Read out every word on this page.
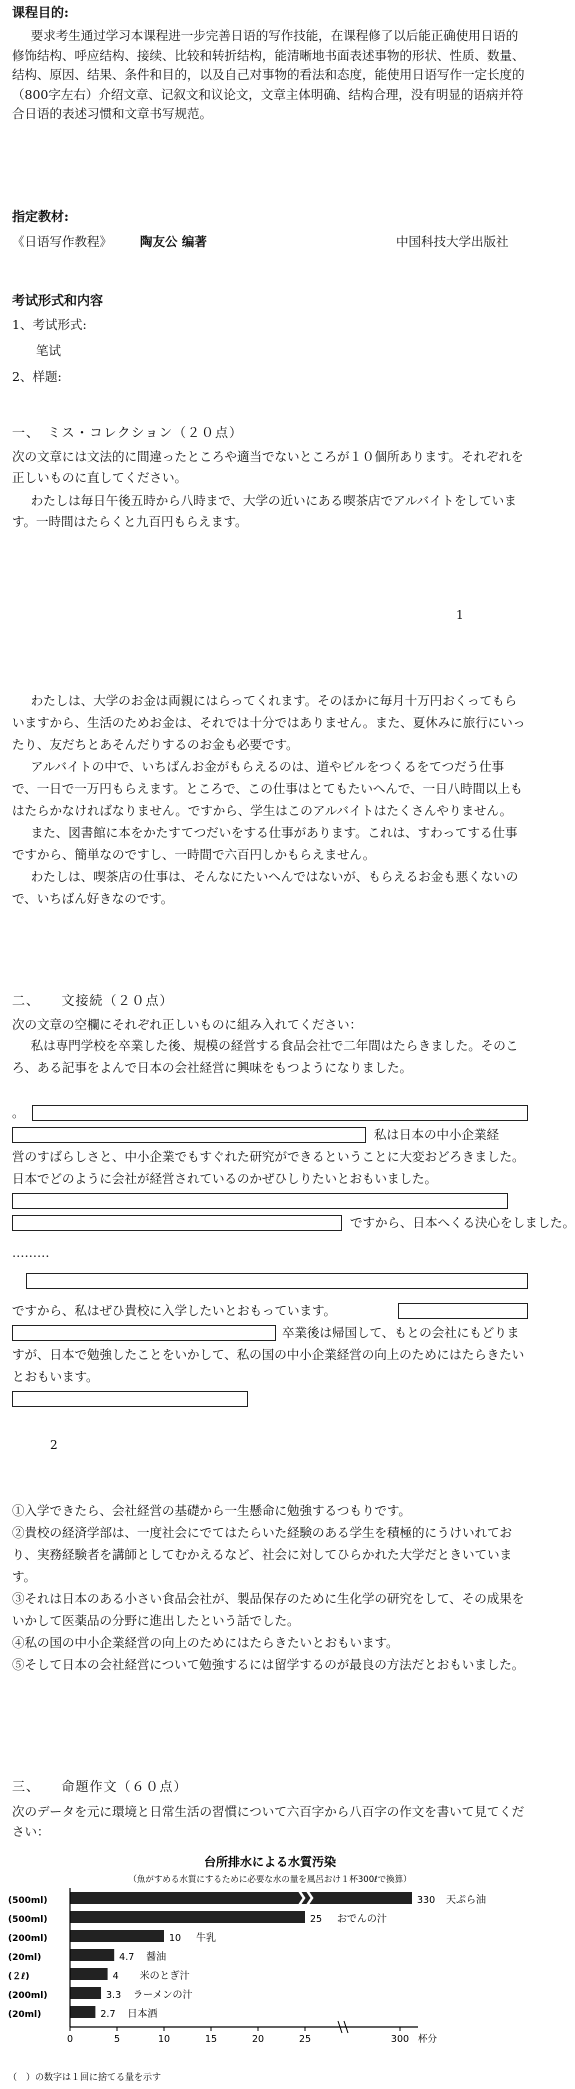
课程目的:

要求考生通过学习本课程进一步完善日语的写作技能，在课程修了以后能正确使用日语的修饰结构、呼应结构、接续、比较和转折结构，能清晰地书面表述事物的形状、性质、数量、结构、原因、结果、条件和目的，以及自己对事物的看法和态度，能使用日语写作一定长度的（800字左右）介绍文章、记叙文和议论文，文章主体明确、结构合理，没有明显的语病并符合日语的表述习惯和文章书写规范。

指定教材:
《日语写作教程》 陶友公 编著	中国科技大学出版社
考试形式和内容
1、考试形式:
笔试
2、样题:
一、　ミス・コレクション（２０点）

次の文章には文法的に間違ったところや適当でないところが１０個所あります。それぞれを正しいものに直してください。

わたしは毎日午後五時から八時まで、大学の近いにある喫茶店でアルバイトをしています。一時間はたらくと九百円もらえます。

1

わたしは、大学のお金は両親にはらってくれます。そのほかに毎月十万円おくってもらいますから、生活のためお金は、それでは十分ではありません。また、夏休みに旅行にいったり、友だちとあそんだりするのお金も必要です。

アルバイトの中で、いちばんお金がもらえるのは、道やビルをつくるをてつだう仕事で、一日で一万円もらえます。ところで、この仕事はとてもたいへんで、一日八時間以上もはたらかなければなりません。ですから、学生はこのアルバイトはたくさんやりません。

また、図書館に本をかたすてつだいをする仕事があります。これは、すわってする仕事ですから、簡単なのですし、一時間で六百円しかもらえません。

わたしは、喫茶店の仕事は、そんなにたいへんではないが、もらえるお金も悪くないので、いちばん好きなのです。

二、　　文接続（２０点）

次の文章の空欄にそれぞれ正しいものに組み入れてください：

私は専門学校を卒業した後、規模の経営する食品会社で二年間はたらきました。そのころ、ある記事をよんで日本の会社経営に興味をもつようになりました。

。
私は日本の中小企業経

営のすばらしさと、中小企業でもすぐれた研究ができるということに大変おどろきました。日本でどのように会社が経営されているのかぜひしりたいとおもいました。

ですから、日本へくる決心をしました。
………
ですから、私はぜひ貴校に入学したいとおもっています。

卒業後は帰国して、もとの会社にもどりますが、日本で勉強したことをいかして、私の国の中小企業経営の向上のためにはたらきたいとおもいます。

2

①入学できたら、会社経営の基礎から一生懸命に勉強するつもりです。

②貴校の経済学部は、一度社会にでてはたらいた経験のある学生を積極的にうけいれており、実務経験者を講師としてむかえるなど、社会に対してひらかれた大学だときいています。

③それは日本のある小さい食品会社が、製品保存のために生化学の研究をして、その成果をいかして医薬品の分野に進出したという話でした。

④私の国の中小企業経営の向上のためにはたらきたいとおもいます。

⑤そして日本の会社経営について勉強するには留学するのが最良の方法だとおもいました。

三、　　命題作文（６０点）

次のデータを元に環境と日常生活の習慣について六百字から八百字の作文を書いて見てください：

台所排水による水質汚染
（魚がすめる水質にするために必要な水の量を風呂おけ１杯300ℓで換算）
(500ml)	330 天ぷら油
(500ml)	25 おでんの汁
(200ml)	10 牛乳
(20ml)	4.7 醤油
(２ℓ)	4 米のとぎ汁
(200ml)	3.3 ラーメンの汁
(20ml)	2.7 日本酒
0	5	10	15	20	25	300 杯分
（　）の数字は１回に捨てる量を示す
